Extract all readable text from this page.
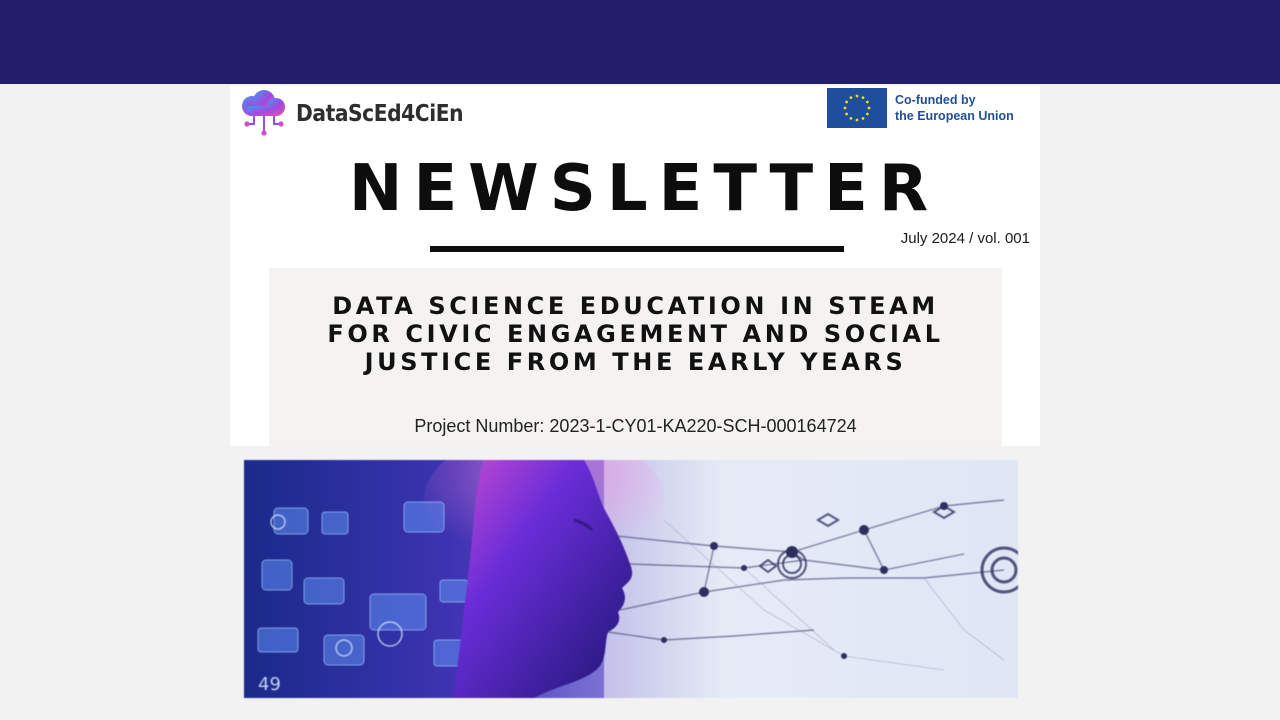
DataScEd4CiEn
Co-funded by
the European Union
NEWSLETTER
July 2024 / vol. 001
DATA SCIENCE EDUCATION IN STEAM FOR CIVIC ENGAGEMENT AND SOCIAL JUSTICE FROM THE EARLY YEARS
Project Number: 2023-1-CY01-KA220-SCH-000164724
49
